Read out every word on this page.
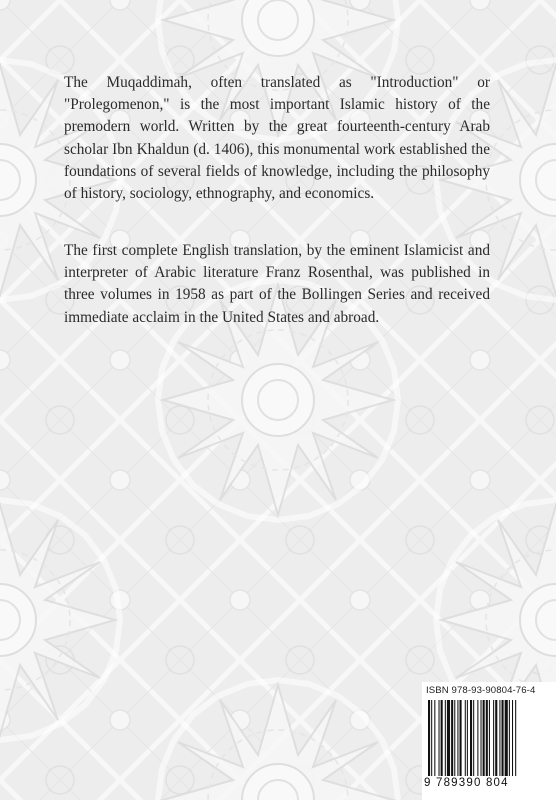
The Muqaddimah, often translated as "Introduction" or "Prolegomenon," is the most important Islamic history of the premodern world. Written by the great fourteenth-century Arab scholar Ibn Khaldun (d. 1406), this monumental work established the foundations of several fields of knowledge, including the philosophy of history, sociology, ethnography, and economics.

The first complete English translation, by the eminent Islamicist and interpreter of Arabic literature Franz Rosenthal, was published in three volumes in 1958 as part of the Bollingen Series and received immediate acclaim in the United States and abroad.

ISBN 978-93-90804-76-4
9 789390 804
